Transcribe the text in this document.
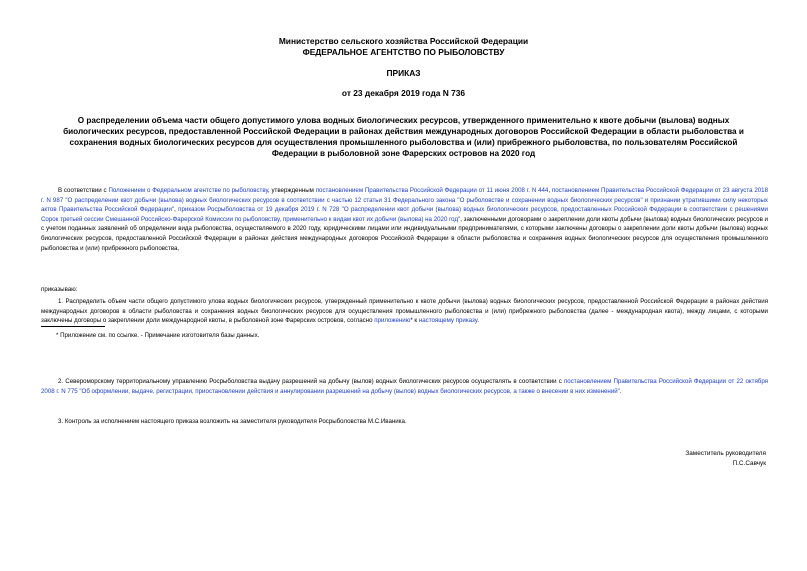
Министерство сельского хозяйства Российской Федерации
ФЕДЕРАЛЬНОЕ АГЕНТСТВО ПО РЫБОЛОВСТВУ
ПРИКАЗ
от 23 декабря 2019 года N 736
О распределении объема части общего допустимого улова водных биологических ресурсов, утвержденного применительно к квоте добычи (вылова) водных биологических ресурсов, предоставленной Российской Федерации в районах действия международных договоров Российской Федерации в области рыболовства и сохранения водных биологических ресурсов для осуществления промышленного рыболовства и (или) прибрежного рыболовства, по пользователям Российской Федерации в рыболовной зоне Фарерских островов на 2020 год
В соответствии с Положением о Федеральном агентстве по рыболовству, утвержденным постановлением Правительства Российской Федерации от 11 июня 2008 г. N 444, постановлением Правительства Российской Федерации от 23 августа 2018 г. N 987 "О распределении квот добычи (вылова) водных биологических ресурсов в соответствии с частью 12 статьи 31 Федерального закона "О рыболовстве и сохранении водных биологических ресурсов" и признании утратившими силу некоторых актов Правительства Российской Федерации", приказом Росрыболовства от 19 декабря 2019 г. N 728 "О распределении квот добычи (вылова) водных биологических ресурсов, предоставленных Российской Федерации в соответствии с решениями Сорок третьей сессии Смешанной Российско-Фарерской Комиссии по рыболовству, применительно к видам квот их добычи (вылова) на 2020 год", заключенными договорами о закреплении доли квоты добычи (вылова) водных биологических ресурсов и с учетом поданных заявлений об определении вида рыболовства, осуществляемого в 2020 году, юридическими лицами или индивидуальными предпринимателями, с которыми заключены договоры о закреплении доли квоты добычи (вылова) водных биологических ресурсов, предоставленной Российской Федерации в районах действия международных договоров Российской Федерации в области рыболовства и сохранения водных биологических ресурсов для осуществления промышленного рыболовства и (или) прибрежного рыболовства,
приказываю:
1. Распределить объем части общего допустимого улова водных биологических ресурсов, утвержденный применительно к квоте добычи (вылова) водных биологических ресурсов, предоставленной Российской Федерации в районах действия международных договоров в области рыболовства и сохранения водных биологических ресурсов для осуществления промышленного рыболовства и (или) прибрежного рыболовства (далее - международная квота), между лицами, с которыми заключены договоры о закреплении доли международной квоты, в рыболовной зоне Фарерских островов, согласно приложению* к настоящему приказу.
* Приложение см. по ссылке. - Примечание изготовителя базы данных.
2. Североморскому территориальному управлению Росрыболовства выдачу разрешений на добычу (вылов) водных биологических ресурсов осуществлять в соответствии с постановлением Правительства Российской Федерации от 22 октября 2008 г. N 775 "Об оформлении, выдаче, регистрации, приостановлении действия и аннулировании разрешений на добычу (вылов) водных биологических ресурсов, а также о внесении в них изменений".
3. Контроль за исполнением настоящего приказа возложить на заместителя руководителя Росрыболовства М.С.Иваника.
Заместитель руководителя
П.С.Савчук
